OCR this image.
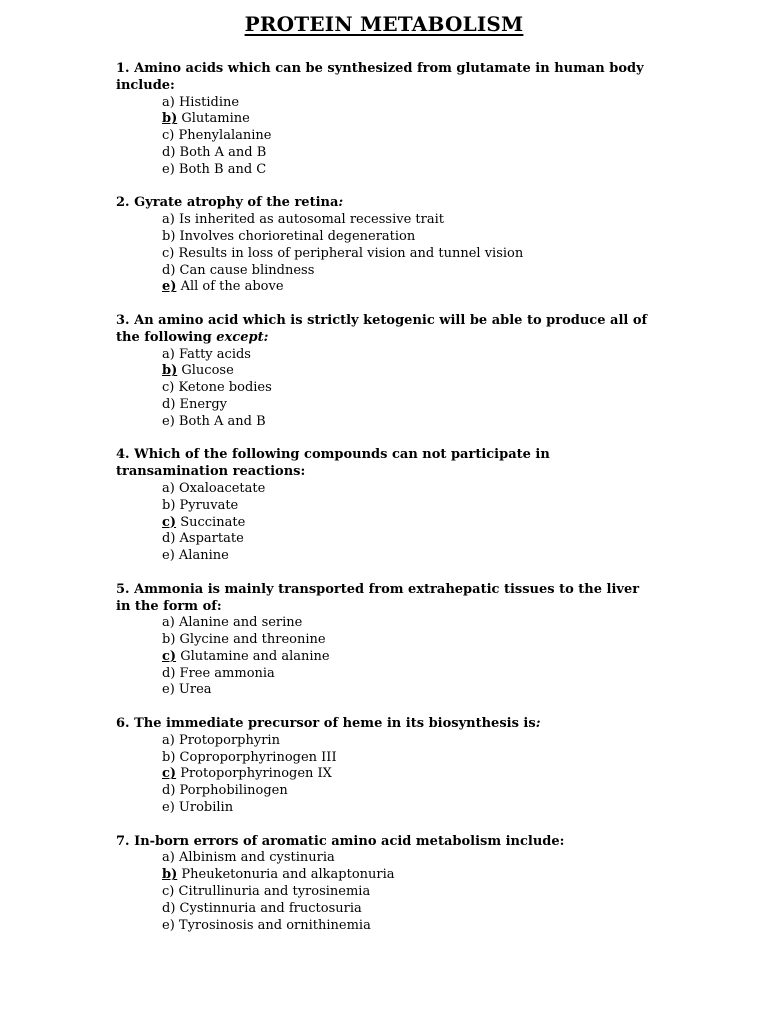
PROTEIN METABOLISM

1. Amino acids which can be synthesized from glutamate in human body include:

a) Histidine
b) Glutamine
c) Phenylalanine
d) Both A and B
e) Both B and C

2. Gyrate atrophy of the retina:

a) Is inherited as autosomal recessive trait
b) Involves chorioretinal degeneration
c) Results in loss of peripheral vision and tunnel vision
d) Can cause blindness
e) All of the above

3. An amino acid which is strictly ketogenic will be able to produce all of the following except:

a) Fatty acids
b) Glucose
c) Ketone bodies
d) Energy
e) Both A and B

4. Which of the following compounds can not participate in transamination reactions:

a) Oxaloacetate
b) Pyruvate
c) Succinate
d) Aspartate
e) Alanine

5. Ammonia is mainly transported from extrahepatic tissues to the liver in the form of:

a) Alanine and serine
b) Glycine and threonine
c) Glutamine and alanine
d) Free ammonia
e) Urea

6. The immediate precursor of heme in its biosynthesis is:

a) Protoporphyrin
b) Coproporphyrinogen III
c) Protoporphyrinogen IX
d) Porphobilinogen
e) Urobilin

7. In-born errors of aromatic amino acid metabolism include:

a) Albinism and cystinuria
b) Pheuketonuria and alkaptonuria
c) Citrullinuria and tyrosinemia
d) Cystinnuria and fructosuria
e) Tyrosinosis and ornithinemia
